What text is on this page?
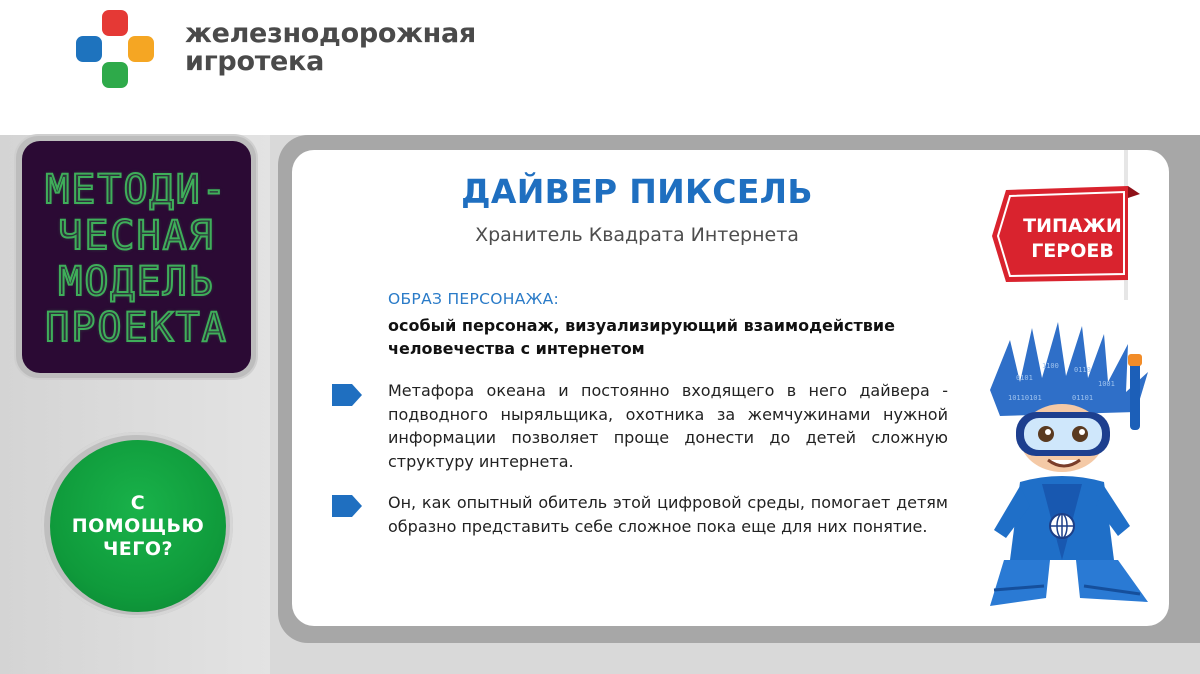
железнодорожная
игротека
МЕТОДИ-
ЧЕСНАЯ
МОДЕЛЬ
ПРОЕКТА
С
ПОМОЩЬЮ
ЧЕГО?
ДАЙВЕР ПИКСЕЛЬ
Хранитель Квадрата Интернета	ТИПАЖИ
ГЕРОЕВ
ОБРАЗ ПЕРСОНАЖА:
особый персонаж, визуализирующий взаимодействие человечества с интернетом
Метафора океана и постоянно входящего в него дайвера - подводного ныряльщика, охотника за жемчужинами нужной информации позволяет проще донести до детей сложную структуру интернета.
Он, как опытный обитель этой цифровой среды, помогает детям образно представить себе сложное пока еще для них понятие.
0101
1100 0110
1001
10110101	01101
